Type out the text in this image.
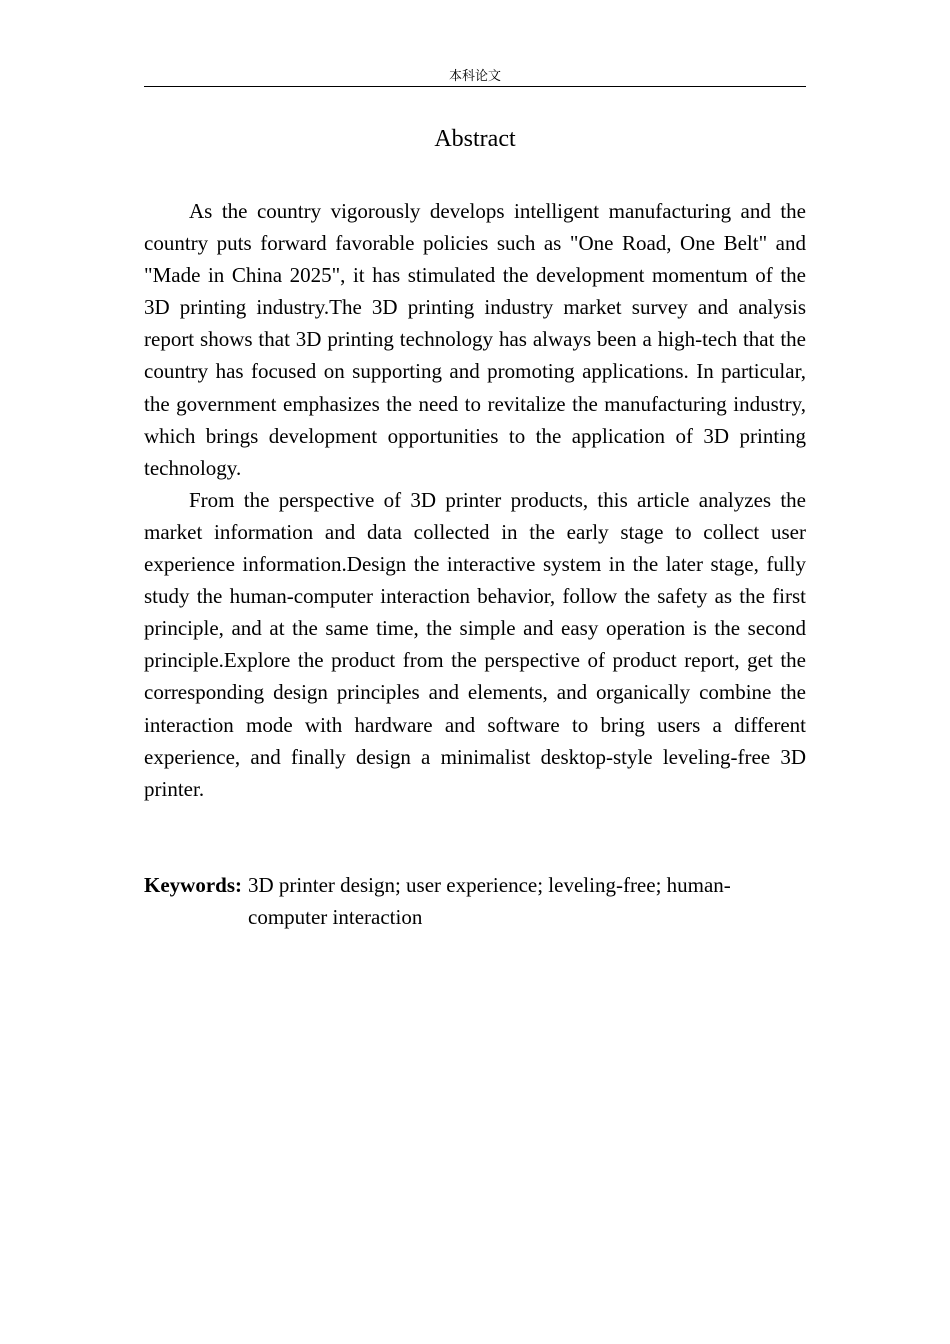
本科论文
Abstract

As the country vigorously develops intelligent manufacturing and the country puts forward favorable policies such as "One Road, One Belt" and "Made in China 2025", it has stimulated the development momentum of the 3D printing industry.The 3D printing industry market survey and analysis report shows that 3D printing technology has always been a high-tech that the country has focused on supporting and promoting applications. In particular, the government emphasizes the need to revitalize the manufacturing industry, which brings development opportunities to the application of 3D printing technology.

From the perspective of 3D printer products, this article analyzes the market information and data collected in the early stage to collect user experience information.Design the interactive system in the later stage, fully study the human-computer interaction behavior, follow the safety as the first principle, and at the same time, the simple and easy operation is the second principle.Explore the product from the perspective of product report, get the corresponding design principles and elements, and organically combine the interaction mode with hardware and software to bring users a different experience, and finally design a minimalist desktop-style leveling-free 3D printer.

Keywords: 3D printer design; user experience; leveling-free; human-computer interaction
